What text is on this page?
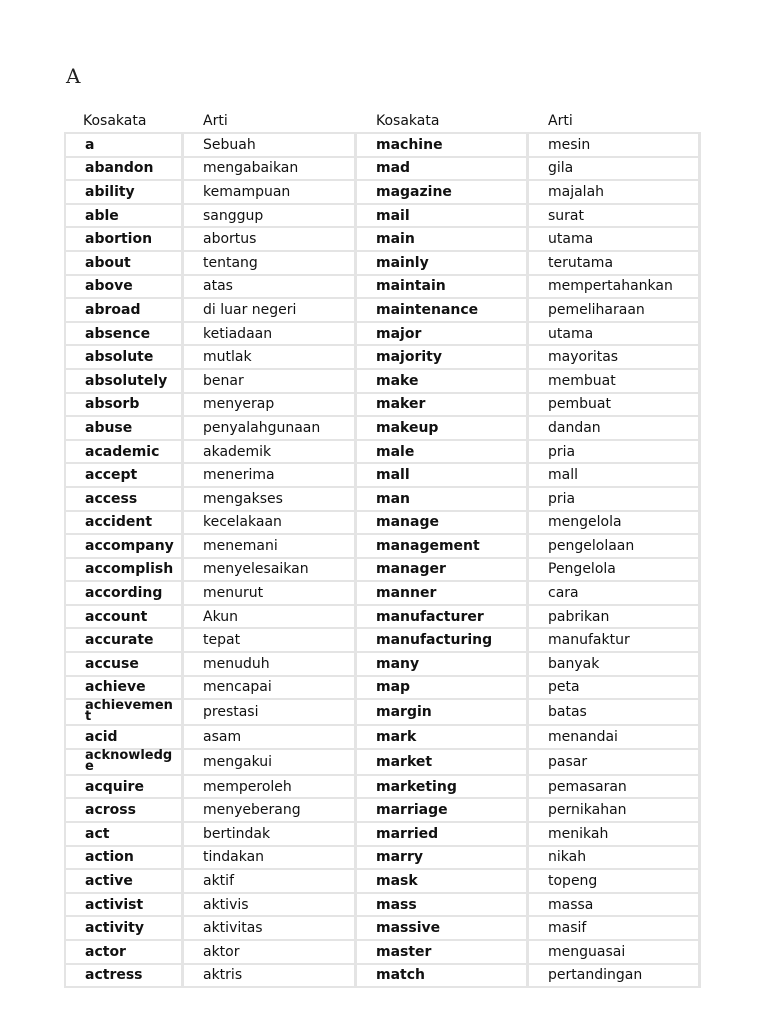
A
Kosakata	Arti	Kosakata	Arti
a	Sebuah	machine	mesin
abandon	mengabaikan	mad	gila
ability	kemampuan	magazine	majalah
able	sanggup	mail	surat
abortion	abortus	main	utama
about	tentang	mainly	terutama
above	atas	maintain	mempertahankan
abroad	di luar negeri	maintenance	pemeliharaan
absence	ketiadaan	major	utama
absolute	mutlak	majority	mayoritas
absolutely	benar	make	membuat
absorb	menyerap	maker	pembuat
abuse	penyalahgunaan	makeup	dandan
academic	akademik	male	pria
accept	menerima	mall	mall
access	mengakses	man	pria
accident	kecelakaan	manage	mengelola
accompany	menemani	management	pengelolaan
accomplish	menyelesaikan	manager	Pengelola
according	menurut	manner	cara
account	Akun	manufacturer	pabrikan
accurate	tepat	manufacturing	manufaktur
accuse	menuduh	many	banyak
achieve	mencapai	map	peta
achievement	prestasi	margin	batas
acid	asam	mark	menandai
acknowledge	mengakui	market	pasar
acquire	memperoleh	marketing	pemasaran
across	menyeberang	marriage	pernikahan
act	bertindak	married	menikah
action	tindakan	marry	nikah
active	aktif	mask	topeng
activist	aktivis	mass	massa
activity	aktivitas	massive	masif
actor	aktor	master	menguasai
actress	aktris	match	pertandingan
